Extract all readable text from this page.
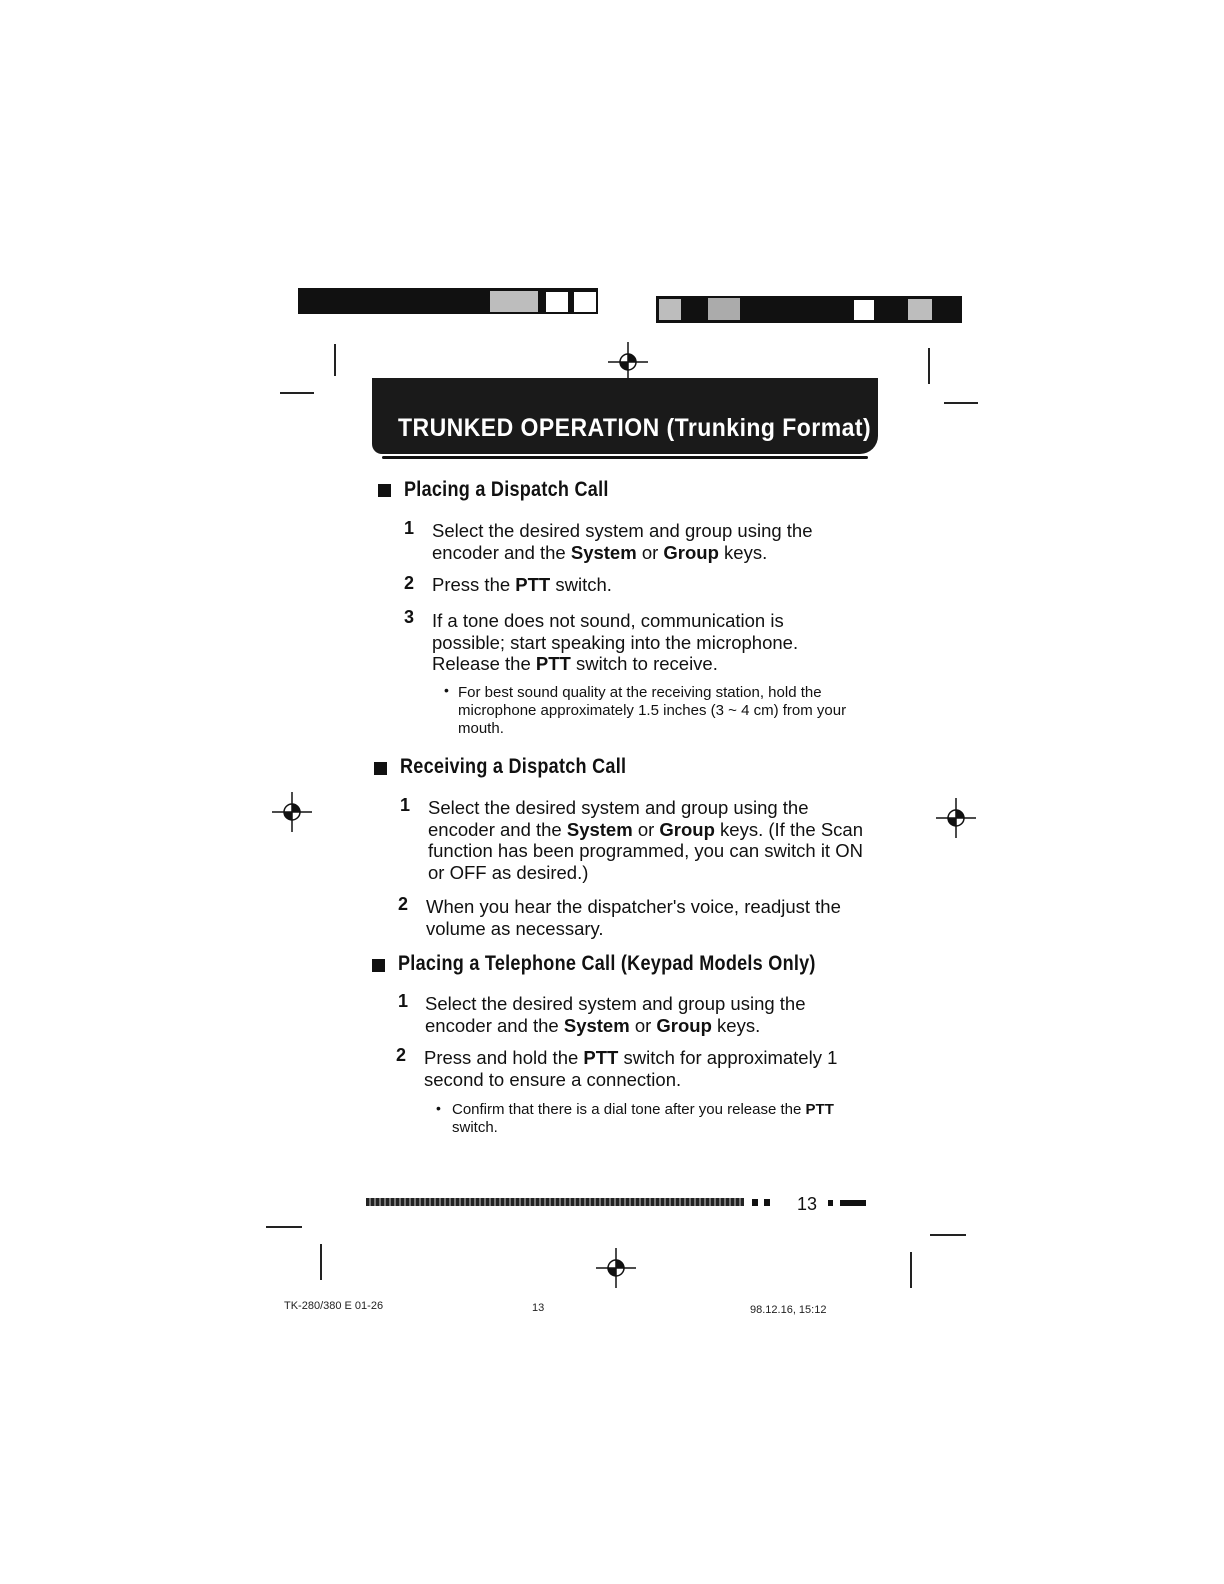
TRUNKED OPERATION (Trunking Format)
Placing a Dispatch Call
1 Select the desired system and group using the encoder and the System or Group keys.
2 Press the PTT switch.
3 If a tone does not sound, communication is possible; start speaking into the microphone. Release the PTT switch to receive.
• For best sound quality at the receiving station, hold the microphone approximately 1.5 inches (3 ~ 4 cm) from your mouth.
Receiving a Dispatch Call
1 Select the desired system and group using the encoder and the System or Group keys. (If the Scan function has been programmed, you can switch it ON or OFF as desired.)
2 When you hear the dispatcher's voice, readjust the volume as necessary.
Placing a Telephone Call (Keypad Models Only)
1 Select the desired system and group using the encoder and the System or Group keys.
2 Press and hold the PTT switch for approximately 1 second to ensure a connection.
• Confirm that there is a dial tone after you release the PTT switch.
13
TK-280/380 E 01-26	13	98.12.16, 15:12
